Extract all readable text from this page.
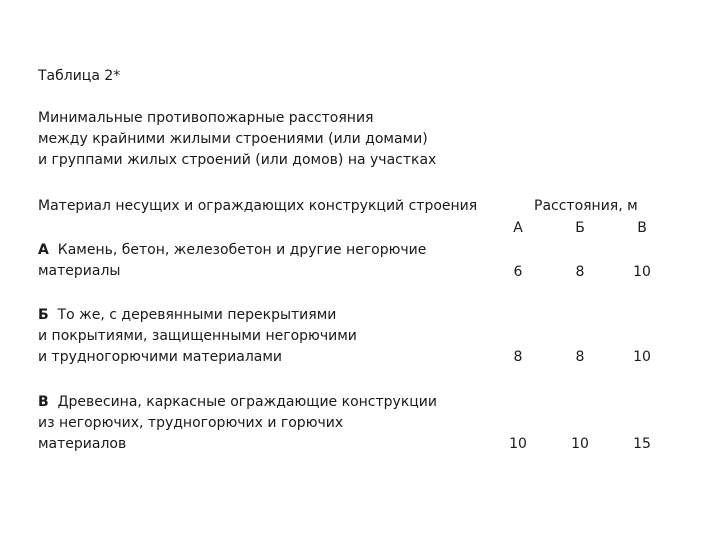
Таблица 2*
Минимальные противопожарные расстояния
между крайними жилыми строениями (или домами)
и группами жилых строений (или домов) на участках
Материал несущих и ограждающих конструкций строения	Расстояния, м
А	Б	В
А Камень, бетон, железобетон и другие негорючие
материалы	6	8	10
Б То же, с деревянными перекрытиями
и покрытиями, защищенными негорючими
и трудногорючими материалами	8	8	10
В Древесина, каркасные ограждающие конструкции
из негорючих, трудногорючих и горючих
материалов	10	10	15
